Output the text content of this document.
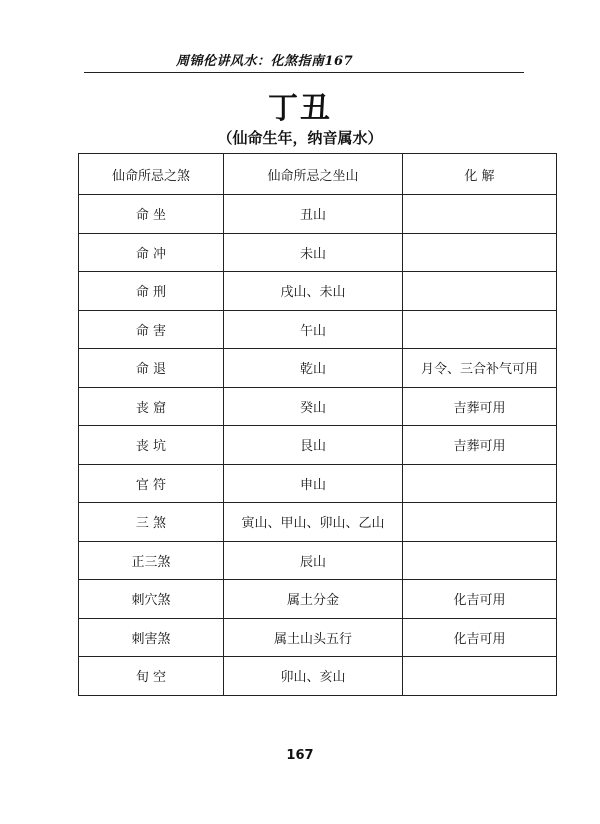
周锦伦讲风水：化煞指南167
丁丑
（仙命生年，纳音属水）
仙命所忌之煞	仙命所忌之坐山	化 解
命 坐	丑山	
命 冲	未山	
命 刑	戌山、未山	
命 害	午山	
命 退	乾山	月令、三合补气可用
丧 窟	癸山	吉葬可用
丧 坑	艮山	吉葬可用
官 符	申山	
三 煞	寅山、甲山、卯山、乙山	
正三煞	辰山	
刺穴煞	属土分金	化吉可用
刺害煞	属土山头五行	化吉可用
旬 空	卯山、亥山	
167
